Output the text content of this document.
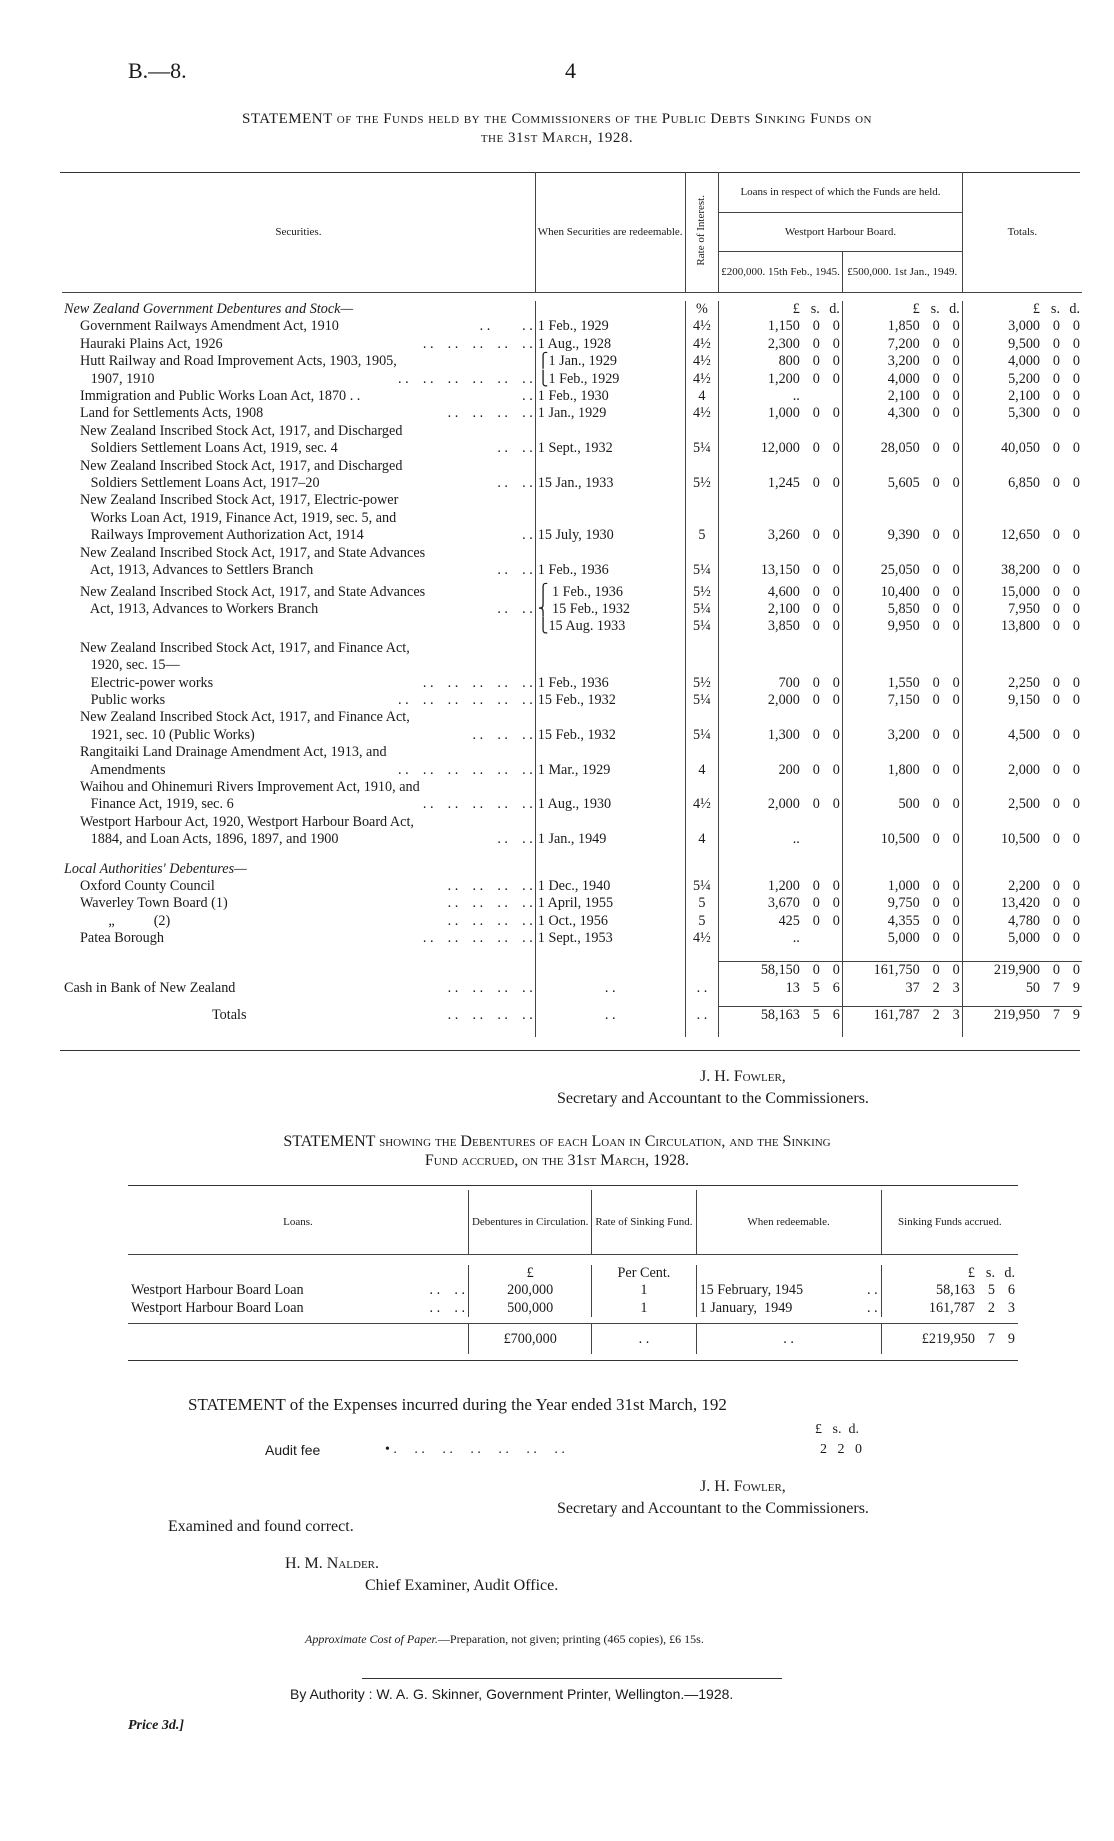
B.—8.	4
STATEMENT of the Funds held by the Commissioners of the Public Debts Sinking Funds on
the 31st March, 1928.
Securities.	When Securities are redeemable.	Rate of Interest.	Loans in respect of which the Funds are held.		Totals.
			Westport Harbour Board.		
			£200,000. 15th Feb., 1945.	£500,000. 1st Jan., 1949.	

New Zealand Government Debentures and Stock—		%	£ s. d.	£ s. d.	£ s. d.

Government Railways Amendment Act, 1910 . .         . .	1 Feb., 1929	4½	1,150 0 0	1,850 0 0	3,000 0 0

Hauraki Plains Act, 1926 . .    . .    . .    . .    . .	1 Aug., 1928	4½	2,300 0 0	7,200 0 0	9,500 0 0

Hutt Railway and Road Improvement Acts, 1903, 1905,	⎧1 Jan., 1929	4½	800 0 0	3,200 0 0	4,000 0 0

1907, 1910 . .    . .    . .    . .    . .    . .	⎩1 Feb., 1929	4½	1,200 0 0	4,000 0 0	5,200 0 0

Immigration and Public Works Loan Act, 1870 . . . .	1 Feb., 1930	4	..	2,100 0 0	2,100 0 0

Land for Settlements Acts, 1908 . .    . .    . .    . .	1 Jan., 1929	4½	1,000 0 0	4,300 0 0	5,300 0 0

New Zealand Inscribed Stock Act, 1917, and Discharged
Soldiers Settlement Loans Act, 1919, sec. 4 . .    . .	1 Sept., 1932	5¼	12,000 0 0	28,050 0 0	40,050 0 0

New Zealand Inscribed Stock Act, 1917, and Discharged
Soldiers Settlement Loans Act, 1917–20 . .    . .	15 Jan., 1933	5½	1,245 0 0	5,605 0 0	6,850 0 0

New Zealand Inscribed Stock Act, 1917, Electric-power
Works Loan Act, 1919, Finance Act, 1919, sec. 5, and
Railways Improvement Authorization Act, 1914 . .	15 July, 1930	5	3,260 0 0	9,390 0 0	12,650 0 0

New Zealand Inscribed Stock Act, 1917, and State Advances
Act, 1913, Advances to Settlers Branch . .    . .	1 Feb., 1936	5¼	13,150 0 0	25,050 0 0	38,200 0 0

New Zealand Inscribed Stock Act, 1917, and State Advances	⎧ 1 Feb., 1936	5½	4,600 0 0	10,400 0 0	15,000 0 0

Act, 1913, Advances to Workers Branch . .    . .	⎨ 15 Feb., 1932	5¼	2,100 0 0	5,850 0 0	7,950 0 0

	⎩15 Aug. 1933	5¼	3,850 0 0	9,950 0 0	13,800 0 0

New Zealand Inscribed Stock Act, 1917, and Finance Act,
1920, sec. 15—					

Electric-power works . .    . .    . .    . .    . .	1 Feb., 1936	5½	700 0 0	1,550 0 0	2,250 0 0

Public works . .    . .    . .    . .    . .    . .	15 Feb., 1932	5¼	2,000 0 0	7,150 0 0	9,150 0 0

New Zealand Inscribed Stock Act, 1917, and Finance Act,
1921, sec. 10 (Public Works) . .    . .    . .	15 Feb., 1932	5¼	1,300 0 0	3,200 0 0	4,500 0 0

Rangitaiki Land Drainage Amendment Act, 1913, and
Amendments . .    . .    . .    . .    . .    . .	1 Mar., 1929	4	200 0 0	1,800 0 0	2,000 0 0

Waihou and Ohinemuri Rivers Improvement Act, 1910, and
Finance Act, 1919, sec. 6 . .    . .    . .    . .    . .	1 Aug., 1930	4½	2,000 0 0	500 0 0	2,500 0 0

Westport Harbour Act, 1920, Westport Harbour Board Act,
1884, and Loan Acts, 1896, 1897, and 1900 . .    . .	1 Jan., 1949	4	..	10,500 0 0	10,500 0 0

Local Authorities' Debentures—					

Oxford County Council . .    . .    . .    . .	1 Dec., 1940	5¼	1,200 0 0	1,000 0 0	2,200 0 0

Waverley Town Board (1) . .    . .    . .    . .	1 April, 1955	5	3,670 0 0	9,750 0 0	13,420 0 0

„           (2) . .    . .    . .    . .	1 Oct., 1956	5	425 0 0	4,355 0 0	4,780 0 0

Patea Borough . .    . .    . .    . .    . .	1 Sept., 1953	4½	..	5,000 0 0	5,000 0 0

			58,150 0 0	161,750 0 0	219,900 0 0

Cash in Bank of New Zealand . .    . .    . .    . .	. .	. .	13 5 6	37 2 3	50 7 9

Totals . .    . .    . .    . .	. .	. .	58,163 5 6	161,787 2 3	219,950 7 9

J. H. Fowler,
Secretary and Accountant to the Commissioners.
STATEMENT showing the Debentures of each Loan in Circulation, and the Sinking
Fund accrued, on the 31st March, 1928.
Loans.	Debentures in Circulation.	Rate of Sinking Fund.	When redeemable.	Sinking Funds accrued.

	£	Per Cent.		£ s. d.

Westport Harbour Board Loan . .    . .	200,000	1	15 February, 1945 . .	58,163 5 6

Westport Harbour Board Loan . .    . .	500,000	1	1 January,  1949 . .	161,787 2 3

	£700,000	. .	. .	£219,950 7 9
STATEMENT of the Expenses incurred during the Year ended 31st March, 192
£   s.  d.
Audit fee	• .     . .     . .     . .     . .     . .     . .	2   2   0
J. H. Fowler,
Secretary and Accountant to the Commissioners.
Examined and found correct.
H. M. Nalder.
Chief Examiner, Audit Office.
Approximate Cost of Paper.—Preparation, not given; printing (465 copies), £6 15s.
By Authority : W. A. G. Skinner, Government Printer, Wellington.—1928.
Price 3d.]
